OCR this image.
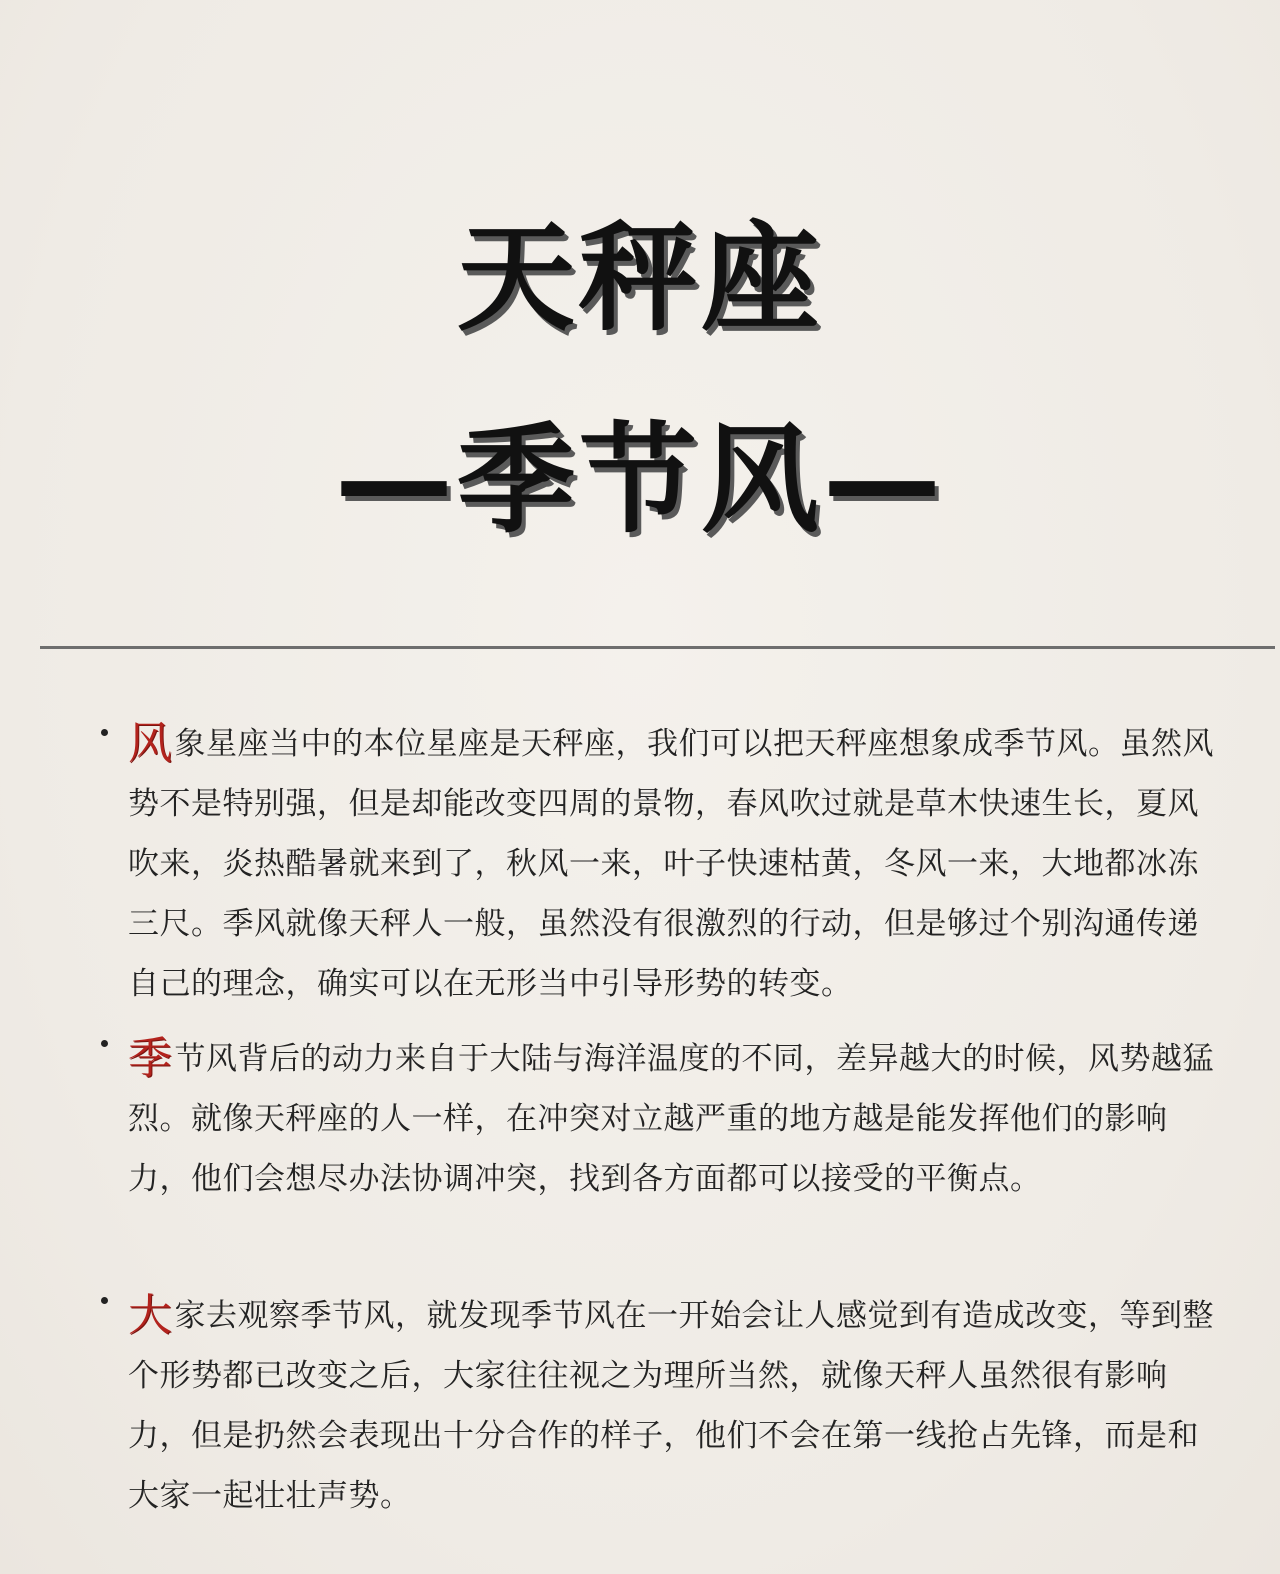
天秤座
—季节风—
风象星座当中的本位星座是天秤座，我们可以把天秤座想象成季节风。虽然风势不是特别强，但是却能改变四周的景物，春风吹过就是草木快速生长，夏风吹来，炎热酷暑就来到了，秋风一来，叶子快速枯黄，冬风一来，大地都冰冻三尺。季风就像天秤人一般，虽然没有很激烈的行动，但是够过个别沟通传递自己的理念，确实可以在无形当中引导形势的转变。
季节风背后的动力来自于大陆与海洋温度的不同，差异越大的时候，风势越猛烈。就像天秤座的人一样，在冲突对立越严重的地方越是能发挥他们的影响力，他们会想尽办法协调冲突，找到各方面都可以接受的平衡点。
大家去观察季节风，就发现季节风在一开始会让人感觉到有造成改变，等到整个形势都已改变之后，大家往往视之为理所当然，就像天秤人虽然很有影响力，但是扔然会表现出十分合作的样子，他们不会在第一线抢占先锋，而是和大家一起壮壮声势。
